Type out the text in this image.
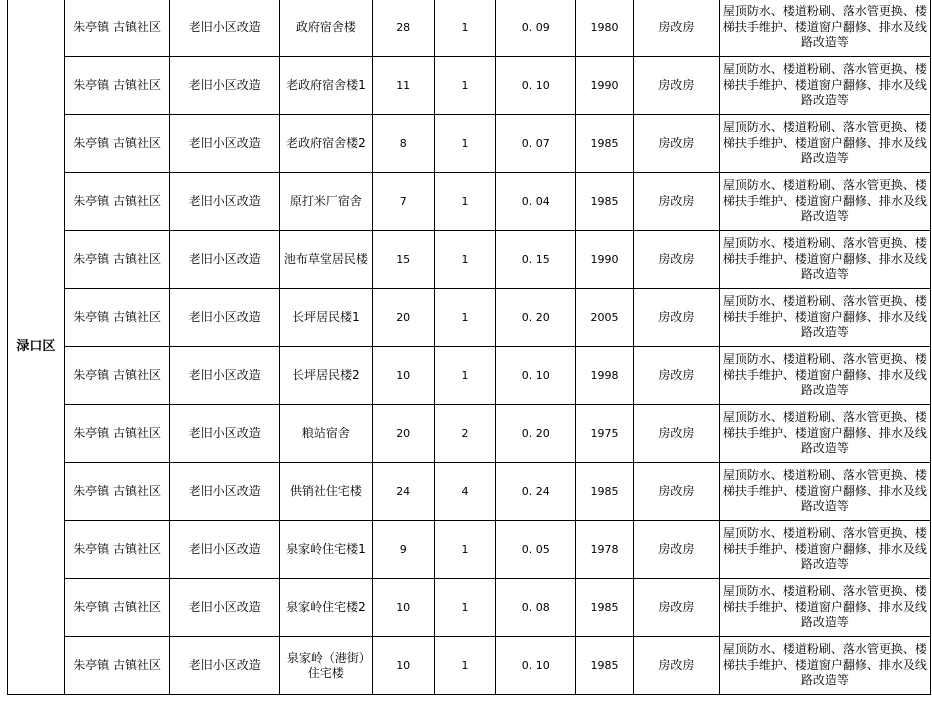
	渌口区	朱亭镇 古镇社区	老旧小区改造	政府宿舍楼	28	1	0. 09	1980	房改房	屋顶防水、楼道粉刷、落水管更换、楼梯扶手维护、楼道窗户翻修、排水及线路改造等
		朱亭镇 古镇社区	老旧小区改造	老政府宿舍楼1	11	1	0. 10	1990	房改房	屋顶防水、楼道粉刷、落水管更换、楼梯扶手维护、楼道窗户翻修、排水及线路改造等
		朱亭镇 古镇社区	老旧小区改造	老政府宿舍楼2	8	1	0. 07	1985	房改房	屋顶防水、楼道粉刷、落水管更换、楼梯扶手维护、楼道窗户翻修、排水及线路改造等
		朱亭镇 古镇社区	老旧小区改造	原打米厂宿舍	7	1	0. 04	1985	房改房	屋顶防水、楼道粉刷、落水管更换、楼梯扶手维护、楼道窗户翻修、排水及线路改造等
		朱亭镇 古镇社区	老旧小区改造	池布草堂居民楼	15	1	0. 15	1990	房改房	屋顶防水、楼道粉刷、落水管更换、楼梯扶手维护、楼道窗户翻修、排水及线路改造等
		朱亭镇 古镇社区	老旧小区改造	长坪居民楼1	20	1	0. 20	2005	房改房	屋顶防水、楼道粉刷、落水管更换、楼梯扶手维护、楼道窗户翻修、排水及线路改造等
		朱亭镇 古镇社区	老旧小区改造	长坪居民楼2	10	1	0. 10	1998	房改房	屋顶防水、楼道粉刷、落水管更换、楼梯扶手维护、楼道窗户翻修、排水及线路改造等
		朱亭镇 古镇社区	老旧小区改造	粮站宿舍	20	2	0. 20	1975	房改房	屋顶防水、楼道粉刷、落水管更换、楼梯扶手维护、楼道窗户翻修、排水及线路改造等
		朱亭镇 古镇社区	老旧小区改造	供销社住宅楼	24	4	0. 24	1985	房改房	屋顶防水、楼道粉刷、落水管更换、楼梯扶手维护、楼道窗户翻修、排水及线路改造等
		朱亭镇 古镇社区	老旧小区改造	泉家岭住宅楼1	9	1	0. 05	1978	房改房	屋顶防水、楼道粉刷、落水管更换、楼梯扶手维护、楼道窗户翻修、排水及线路改造等
		朱亭镇 古镇社区	老旧小区改造	泉家岭住宅楼2	10	1	0. 08	1985	房改房	屋顶防水、楼道粉刷、落水管更换、楼梯扶手维护、楼道窗户翻修、排水及线路改造等
		朱亭镇 古镇社区	老旧小区改造	泉家岭（港街）住宅楼	10	1	0. 10	1985	房改房	屋顶防水、楼道粉刷、落水管更换、楼梯扶手维护、楼道窗户翻修、排水及线路改造等
